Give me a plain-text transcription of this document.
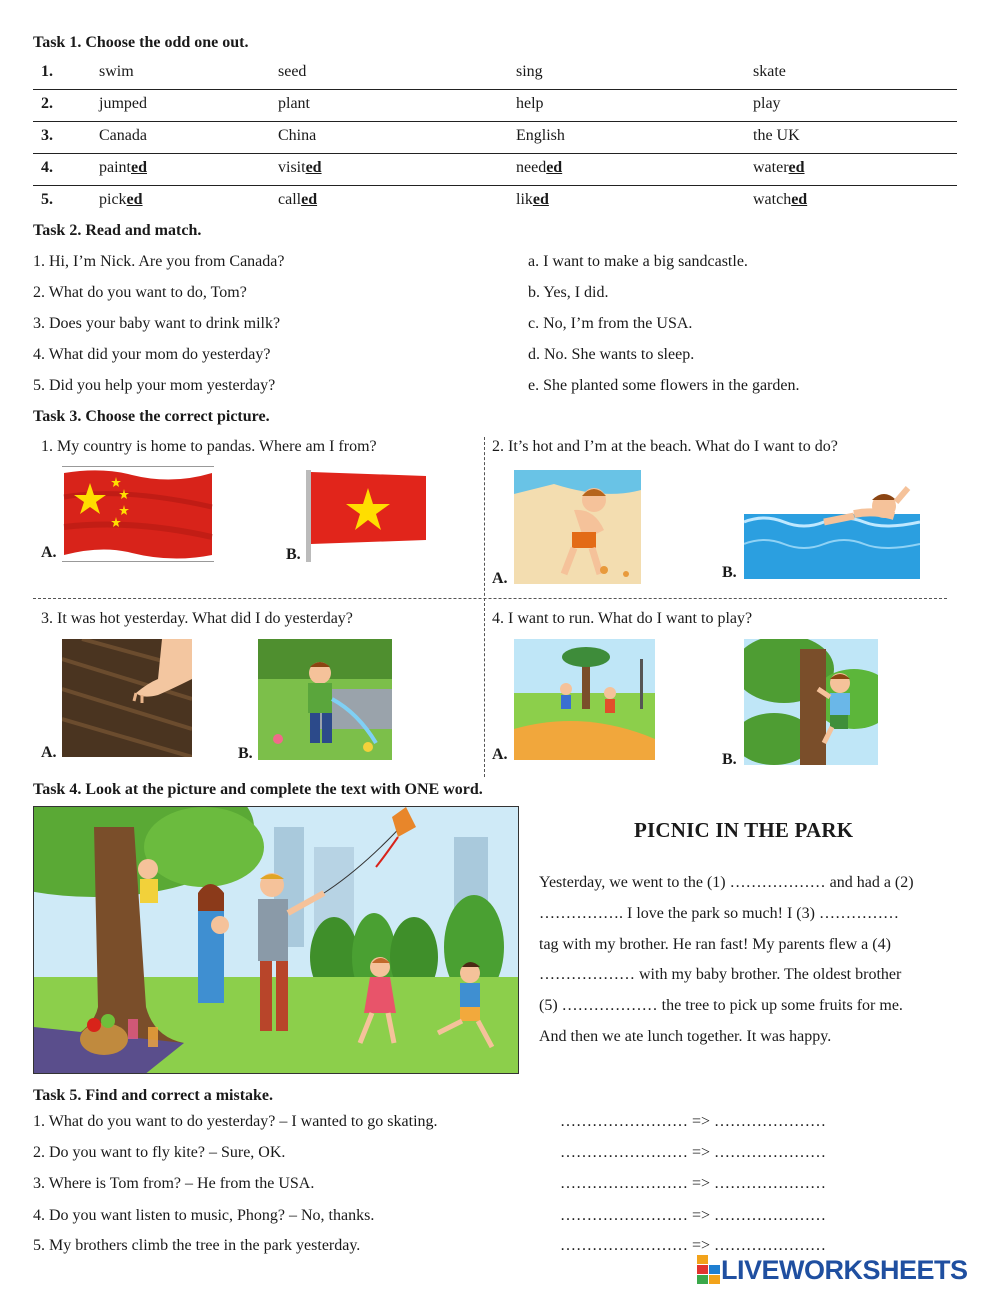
Task 1. Choose the odd one out.
1.	swim	seed	sing	skate
2.	jumped	plant	help	play
3.	Canada	China	English	the UK
4.	painted	visited	needed	watered
5.	picked	called	liked	watched
Task 2. Read and match.
1. Hi, I’m Nick. Are you from Canada?
2. What do you want to do, Tom?
3. Does your baby want to drink milk?
4. What did your mom do yesterday?
5. Did you help your mom yesterday?
a. I want to make a big sandcastle.
b. Yes, I did.
c. No, I’m from the USA.
d. No. She wants to sleep.
e. She planted some flowers in the garden.
Task 3. Choose the correct picture.
1. My country is home to pandas. Where am I from?	2. It’s hot and I’m at the beach. What do I want to do?
3. It was hot yesterday. What did I do yesterday?	4. I want to run. What do I want to play?
A.	B.
A.	B.
A.	B.	A.	B.
Task 4. Look at the picture and complete the text with ONE word.
PICNIC IN THE PARK
Yesterday, we went to the (1) ……………… and had a (2)
……………. I love the park so much! I (3) ……………
tag with my brother. He ran fast! My parents flew a (4)
……………… with my baby brother. The oldest brother
(5) ……………… the tree to pick up some fruits for me.
And then we ate lunch together. It was happy.
Task 5. Find and correct a mistake.
1. What do you want to do yesterday? – I wanted to go skating.
2. Do you want to fly kite? – Sure, OK.
3. Where is Tom from? – He from the USA.
4. Do you want listen to music, Phong? – No, thanks.
5. My brothers climb the tree in the park yesterday.
…………………… => …………………
…………………… => …………………
…………………… => …………………
…………………… => …………………
…………………… => …………………
LIVEWORKSHEETS
